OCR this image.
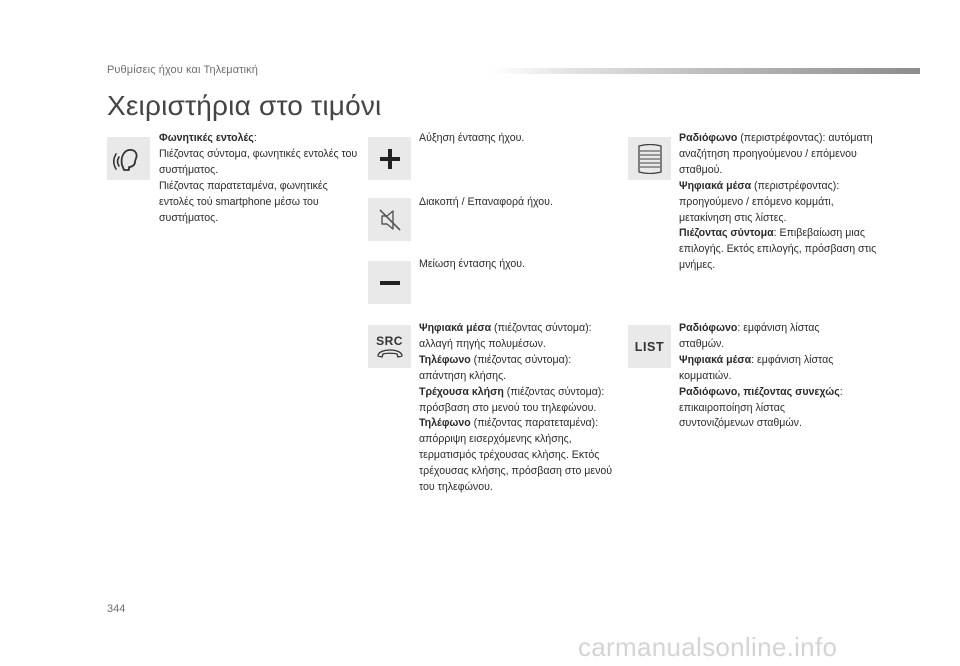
Ρυθμίσεις ήχου και Τηλεματική
Χειριστήρια στο τιμόνι

Φωνητικές εντολές:

Πιέζοντας σύντομα, φωνητικές εντολές του συστήματος.

Πιέζοντας παρατεταμένα, φωνητικές εντολές τού smartphone μέσω του συστήματος.

Αύξηση έντασης ήχου.
Διακοπή / Επαναφορά ήχου.
Μείωση έντασης ήχου.
SRC

Ψηφιακά μέσα (πιέζοντας σύντομα): αλλαγή πηγής πολυμέσων.

Τηλέφωνο (πιέζοντας σύντομα): απάντηση κλήσης.

Τρέχουσα κλήση (πιέζοντας σύντομα): πρόσβαση στο μενού του τηλεφώνου.

Τηλέφωνο (πιέζοντας παρατεταμένα): απόρριψη εισερχόμενης κλήσης, τερματισμός τρέχουσας κλήσης. Εκτός τρέχουσας κλήσης, πρόσβαση στο μενού του τηλεφώνου.

Ραδιόφωνο (περιστρέφοντας): αυτόματη αναζήτηση προηγούμενου / επόμενου σταθμού.

Ψηφιακά μέσα (περιστρέφοντας): προηγούμενο / επόμενο κομμάτι, μετακίνηση στις λίστες.

Πιέζοντας σύντομα: Επιβεβαίωση μιας επιλογής. Εκτός επιλογής, πρόσβαση στις μνήμες.

LIST

Ραδιόφωνο: εμφάνιση λίστας σταθμών.

Ψηφιακά μέσα: εμφάνιση λίστας κομματιών.

Ραδιόφωνο, πιέζοντας συνεχώς: επικαιροποίηση λίστας συντονιζόμενων σταθμών.

344
carmanualsonline.info
